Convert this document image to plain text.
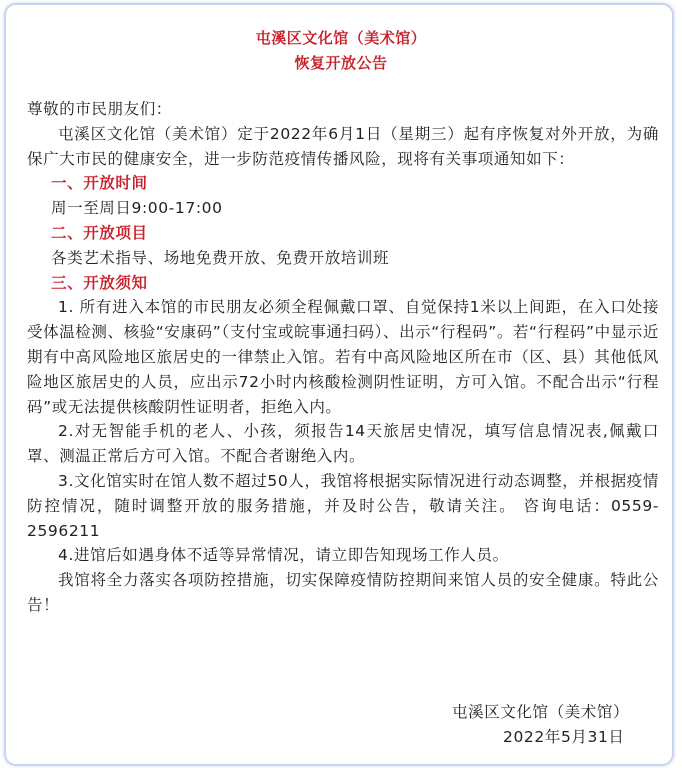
屯溪区文化馆（美术馆）
恢复开放公告

尊敬的市民朋友们：

屯溪区文化馆（美术馆）定于2022年6月1日（星期三）起有序恢复对外开放，为确保广大市民的健康安全，进一步防范疫情传播风险，现将有关事项通知如下：

一、开放时间

周一至周日9:00-17:00

二、开放项目

各类艺术指导、场地免费开放、免费开放培训班

三、开放须知

1. 所有进入本馆的市民朋友必须全程佩戴口罩、自觉保持1米以上间距，在入口处接受体温检测、核验“安康码”（支付宝或皖事通扫码）、出示“行程码”。若“行程码”中显示近期有中高风险地区旅居史的一律禁止入馆。若有中高风险地区所在市（区、县）其他低风险地区旅居史的人员，应出示72小时内核酸检测阴性证明，方可入馆。不配合出示“行程码”或无法提供核酸阴性证明者，拒绝入内。

2.对无智能手机的老人、小孩，须报告14天旅居史情况，填写信息情况表,佩戴口罩、测温正常后方可入馆。不配合者谢绝入内。

3.文化馆实时在馆人数不超过50人，我馆将根据实际情况进行动态调整，并根据疫情防控情况，随时调整开放的服务措施，并及时公告，敬请关注。 咨询电话：0559-2596211

4.进馆后如遇身体不适等异常情况，请立即告知现场工作人员。

我馆将全力落实各项防控措施，切实保障疫情防控期间来馆人员的安全健康。特此公告！

屯溪区文化馆（美术馆）
2022年5月31日
